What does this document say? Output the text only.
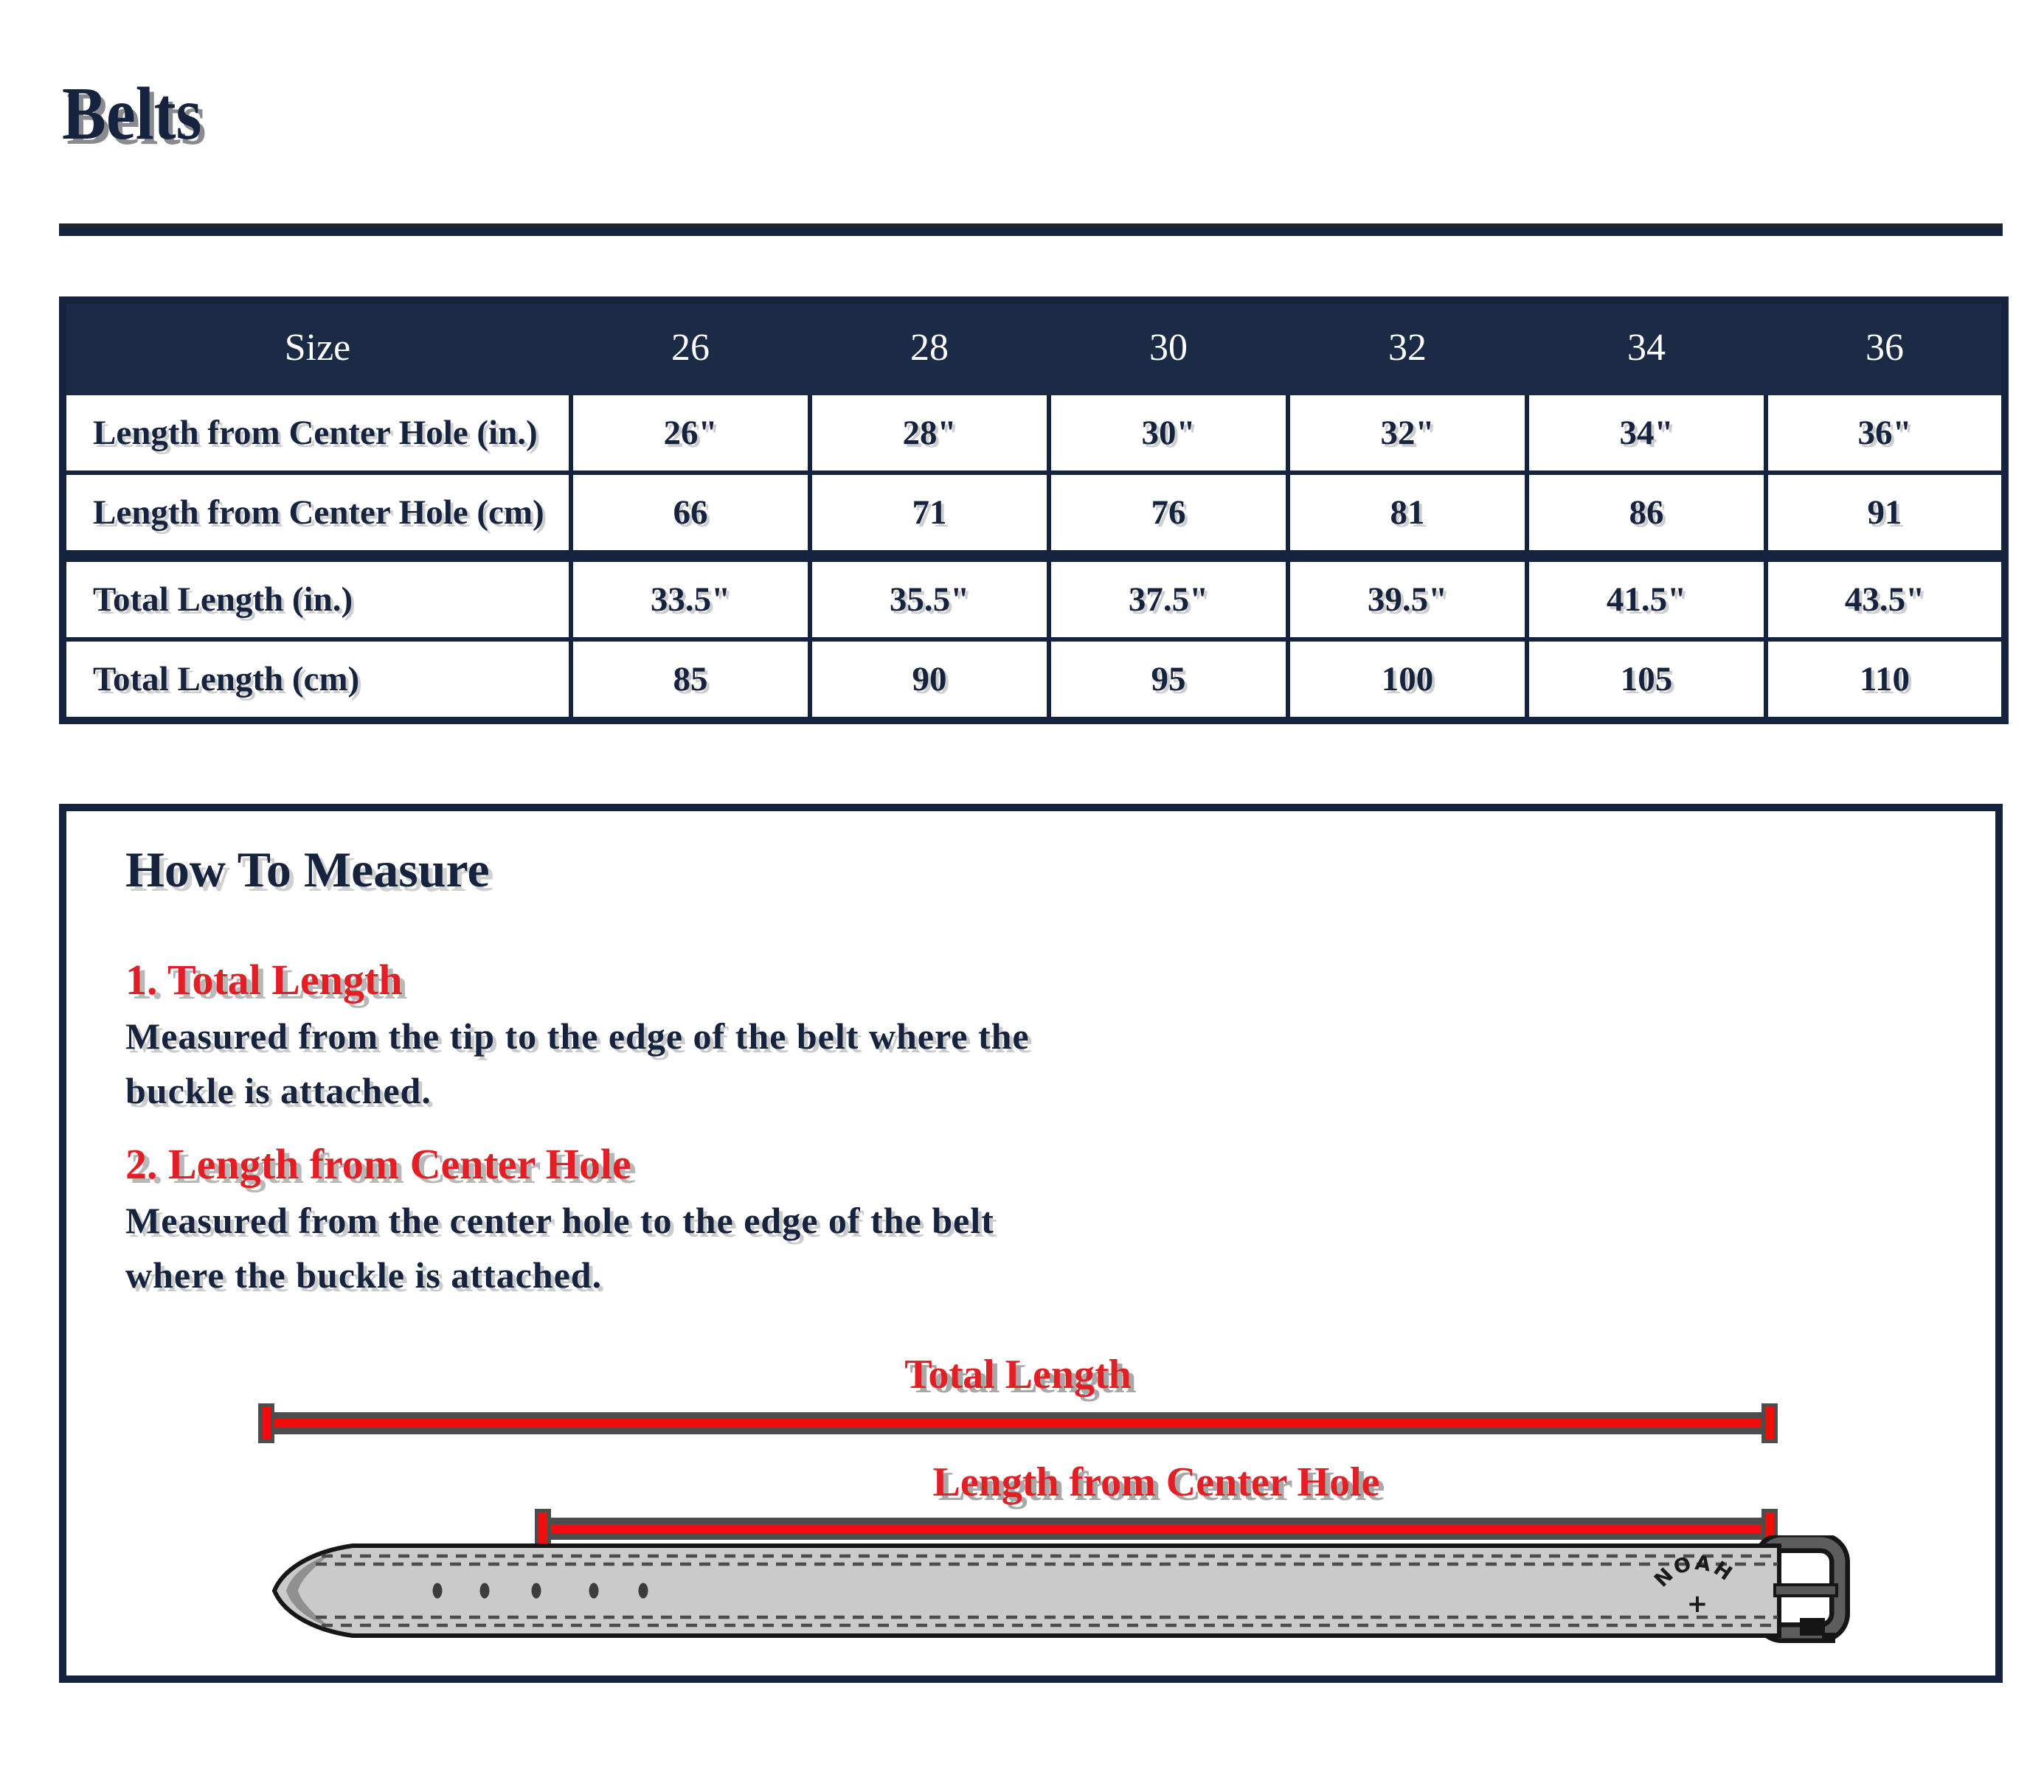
Belts
Size	26	28	30	32	34	36
Length from Center Hole (in.)	26"	28"	30"	32"	34"	36"
Length from Center Hole (cm)	66	71	76	81	86	91
Total Length (in.)	33.5"	35.5"	37.5"	39.5"	41.5"	43.5"
Total Length (cm)	85	90	95	100	105	110
How To Measure
1. Total Length
Measured from the tip to the edge of the belt where the
buckle is attached.
2. Length from Center Hole
Measured from the center hole to the edge of the belt
where the buckle is attached.
Total Length
Length from Center Hole
NOAH
+
